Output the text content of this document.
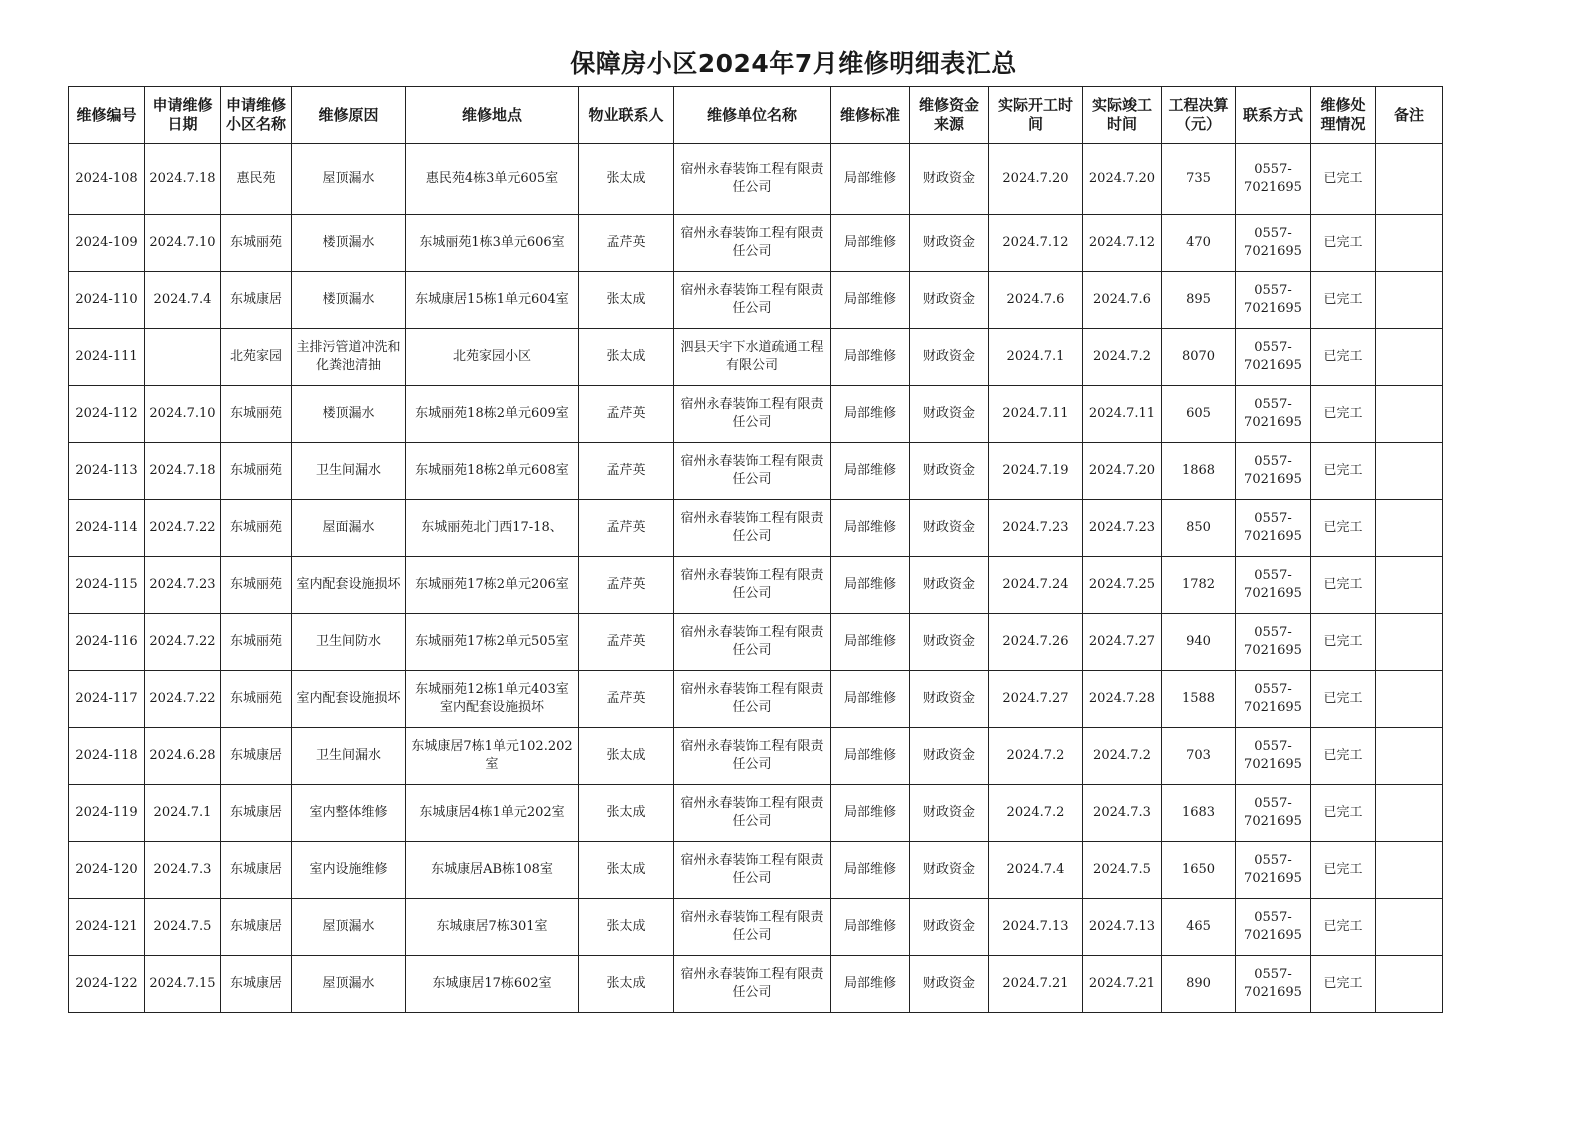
保障房小区2024年7月维修明细表汇总
维修编号	申请维修日期	申请维修小区名称	维修原因	维修地点	物业联系人	维修单位名称	维修标准	维修资金来源	实际开工时间	实际竣工时间	工程决算（元）	联系方式	维修处理情况	备注
2024-108	2024.7.18	惠民苑	屋顶漏水	惠民苑4栋3单元605室	张太成	宿州永春装饰工程有限责任公司	局部维修	财政资金	2024.7.20	2024.7.20	735	0557-7021695	已完工	
2024-109	2024.7.10	东城丽苑	楼顶漏水	东城丽苑1栋3单元606室	孟芹英	宿州永春装饰工程有限责任公司	局部维修	财政资金	2024.7.12	2024.7.12	470	0557-7021695	已完工	
2024-110	2024.7.4	东城康居	楼顶漏水	东城康居15栋1单元604室	张太成	宿州永春装饰工程有限责任公司	局部维修	财政资金	2024.7.6	2024.7.6	895	0557-7021695	已完工	
2024-111		北苑家园	主排污管道冲洗和化粪池清抽	北苑家园小区	张太成	泗县天宇下水道疏通工程有限公司	局部维修	财政资金	2024.7.1	2024.7.2	8070	0557-7021695	已完工	
2024-112	2024.7.10	东城丽苑	楼顶漏水	东城丽苑18栋2单元609室	孟芹英	宿州永春装饰工程有限责任公司	局部维修	财政资金	2024.7.11	2024.7.11	605	0557-7021695	已完工	
2024-113	2024.7.18	东城丽苑	卫生间漏水	东城丽苑18栋2单元608室	孟芹英	宿州永春装饰工程有限责任公司	局部维修	财政资金	2024.7.19	2024.7.20	1868	0557-7021695	已完工	
2024-114	2024.7.22	东城丽苑	屋面漏水	东城丽苑北门西17-18、	孟芹英	宿州永春装饰工程有限责任公司	局部维修	财政资金	2024.7.23	2024.7.23	850	0557-7021695	已完工	
2024-115	2024.7.23	东城丽苑	室内配套设施损坏	东城丽苑17栋2单元206室	孟芹英	宿州永春装饰工程有限责任公司	局部维修	财政资金	2024.7.24	2024.7.25	1782	0557-7021695	已完工	
2024-116	2024.7.22	东城丽苑	卫生间防水	东城丽苑17栋2单元505室	孟芹英	宿州永春装饰工程有限责任公司	局部维修	财政资金	2024.7.26	2024.7.27	940	0557-7021695	已完工	
2024-117	2024.7.22	东城丽苑	室内配套设施损坏	东城丽苑12栋1单元403室室内配套设施损坏	孟芹英	宿州永春装饰工程有限责任公司	局部维修	财政资金	2024.7.27	2024.7.28	1588	0557-7021695	已完工	
2024-118	2024.6.28	东城康居	卫生间漏水	东城康居7栋1单元102.202室	张太成	宿州永春装饰工程有限责任公司	局部维修	财政资金	2024.7.2	2024.7.2	703	0557-7021695	已完工	
2024-119	2024.7.1	东城康居	室内整体维修	东城康居4栋1单元202室	张太成	宿州永春装饰工程有限责任公司	局部维修	财政资金	2024.7.2	2024.7.3	1683	0557-7021695	已完工	
2024-120	2024.7.3	东城康居	室内设施维修	东城康居AB栋108室	张太成	宿州永春装饰工程有限责任公司	局部维修	财政资金	2024.7.4	2024.7.5	1650	0557-7021695	已完工	
2024-121	2024.7.5	东城康居	屋顶漏水	东城康居7栋301室	张太成	宿州永春装饰工程有限责任公司	局部维修	财政资金	2024.7.13	2024.7.13	465	0557-7021695	已完工	
2024-122	2024.7.15	东城康居	屋顶漏水	东城康居17栋602室	张太成	宿州永春装饰工程有限责任公司	局部维修	财政资金	2024.7.21	2024.7.21	890	0557-7021695	已完工	
